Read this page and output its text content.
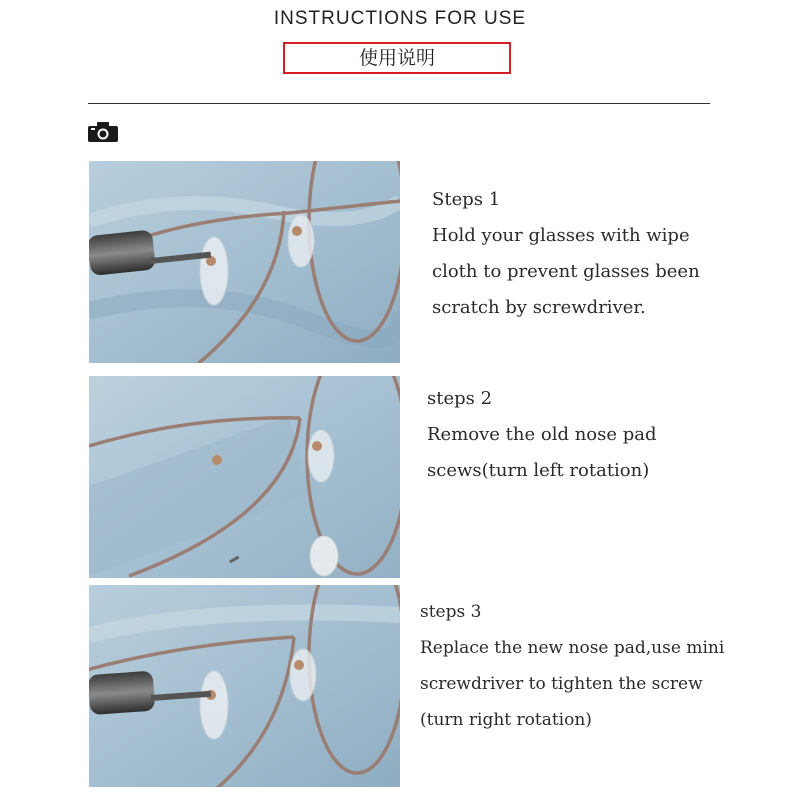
INSTRUCTIONS FOR USE
使用说明
Steps 1
Hold your glasses with wipe
cloth to prevent glasses been
scratch by screwdriver.
steps 2
Remove the old nose pad
scews(turn left rotation)
steps 3
Replace the new nose pad,use mini
screwdriver to tighten the screw
(turn right rotation)
